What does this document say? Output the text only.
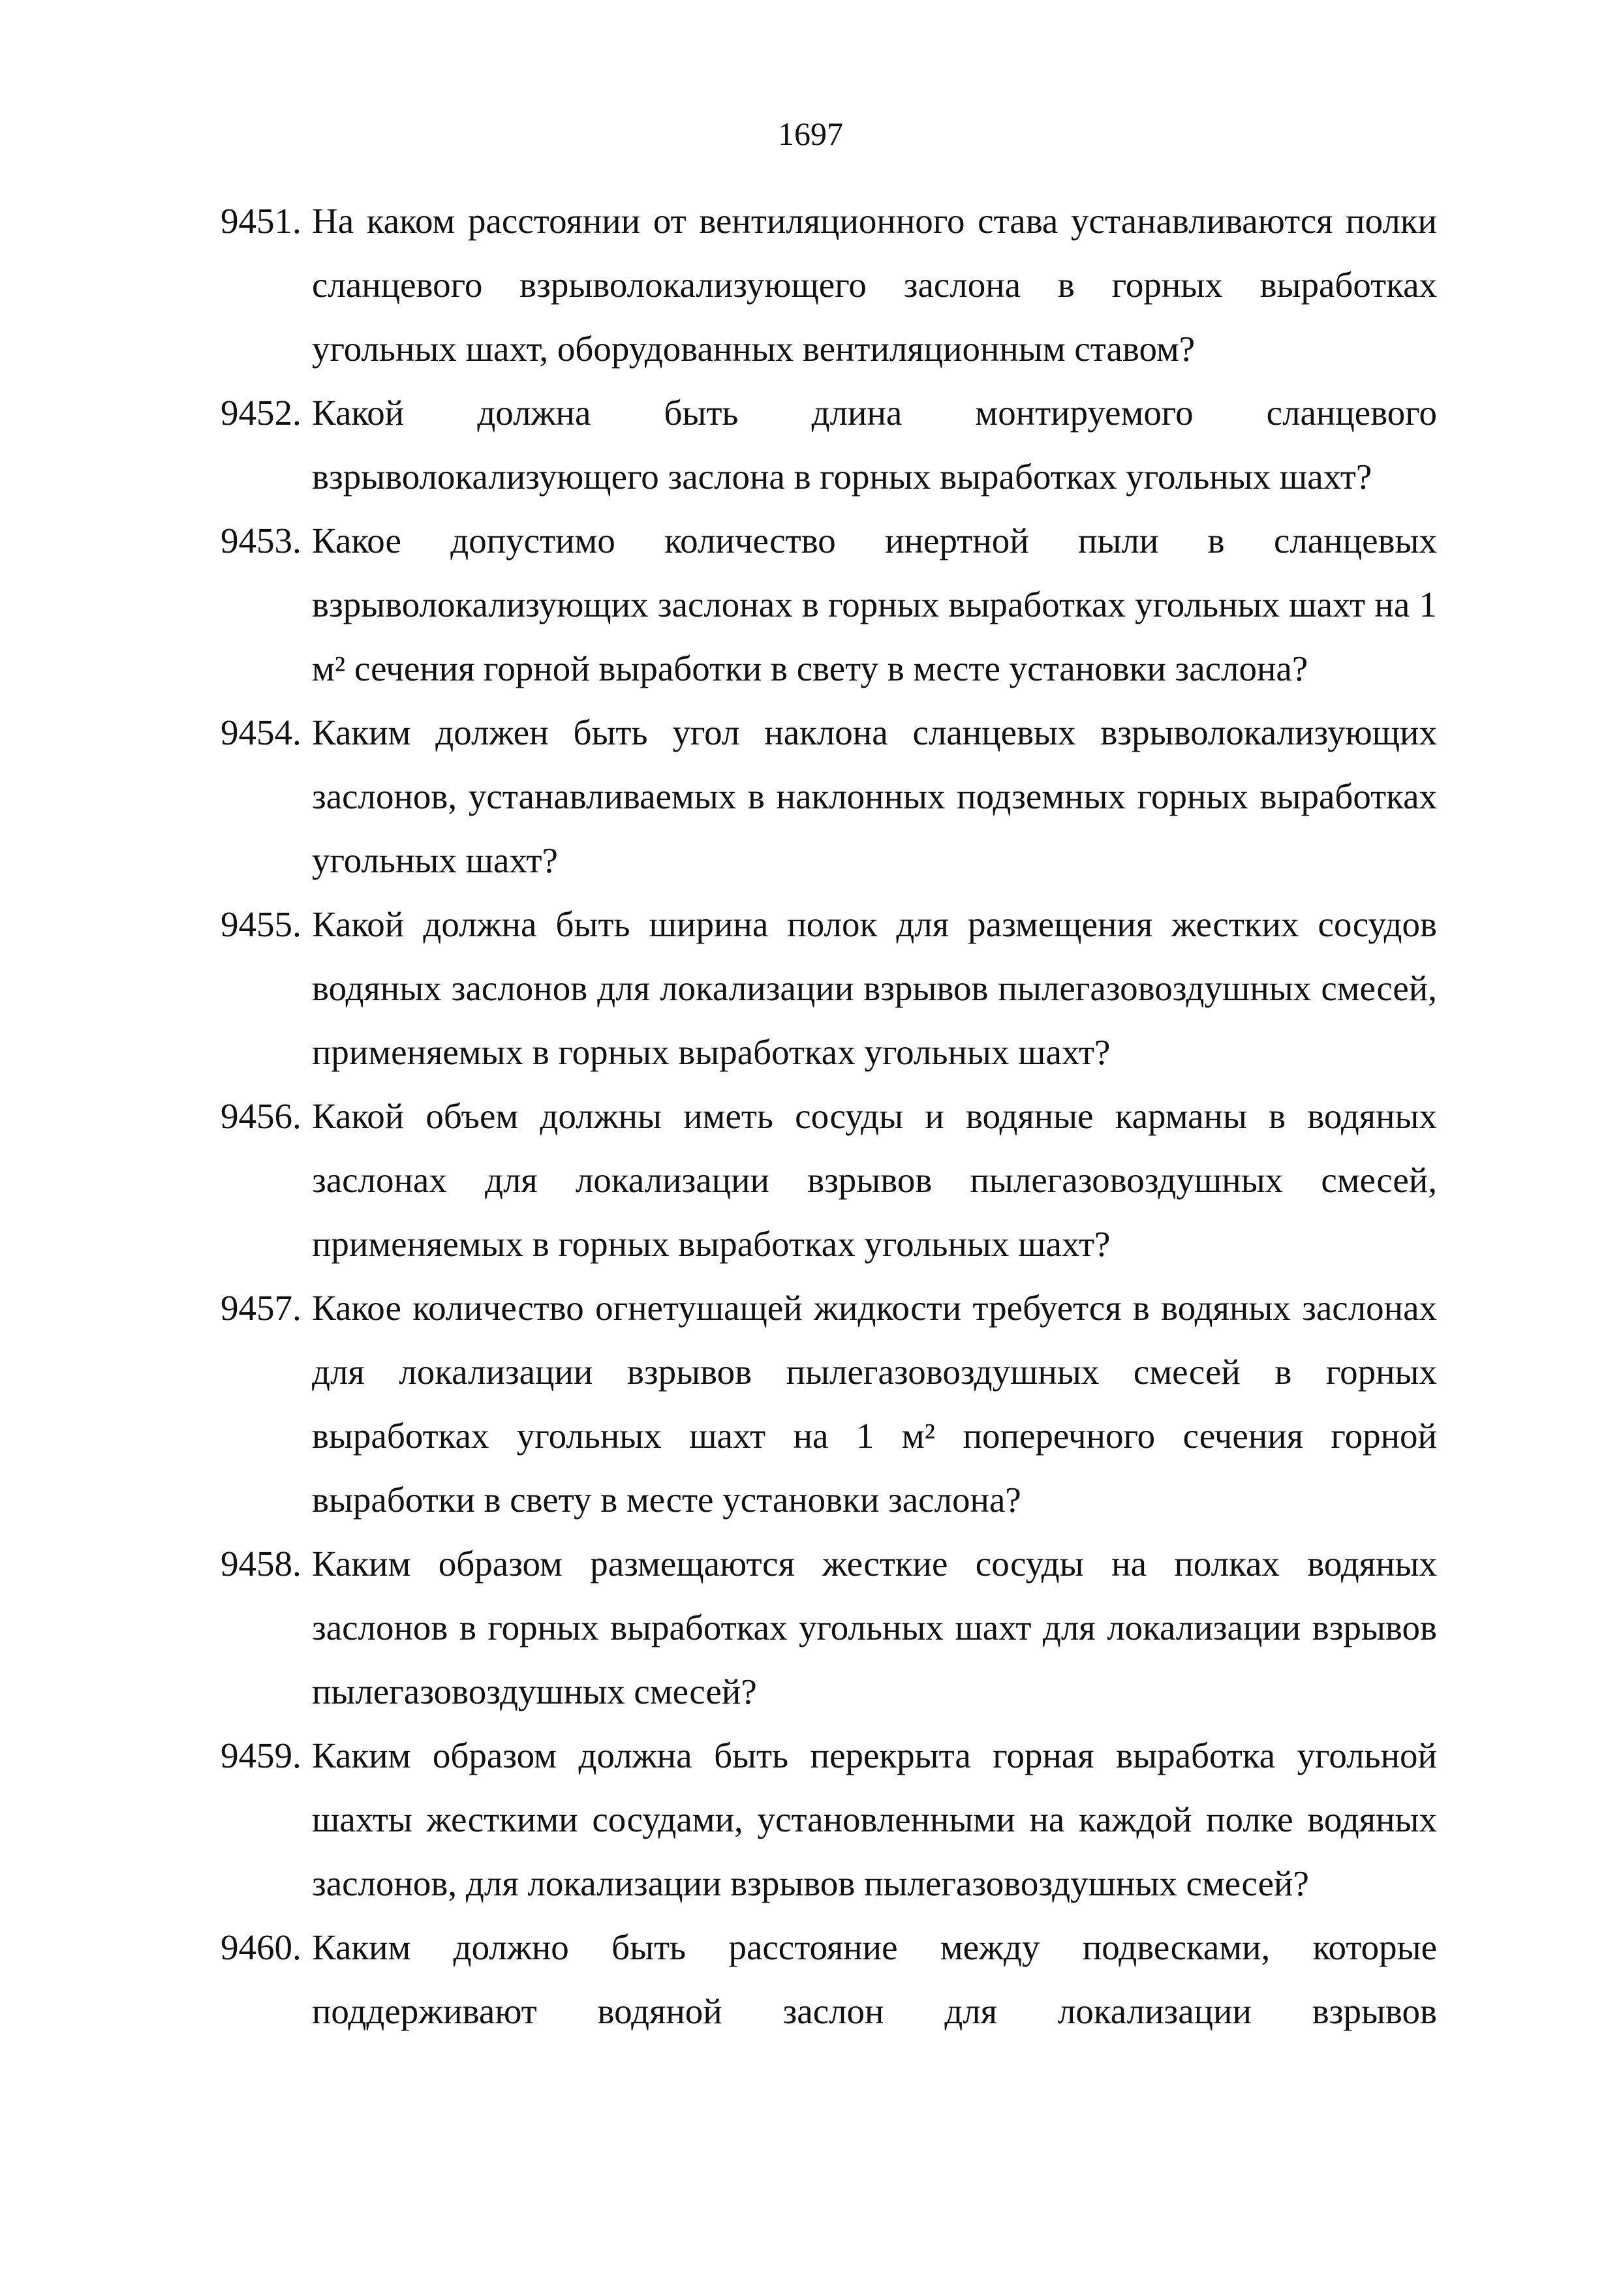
1697
9451. На каком расстоянии от вентиляционного става устанавливаются полки сланцевого взрыволокализующего заслона в горных выработках угольных шахт, оборудованных вентиляционным ставом?
9452. Какой должна быть длина монтируемого сланцевого взрыволокализующего заслона в горных выработках угольных шахт?
9453. Какое допустимо количество инертной пыли в сланцевых взрыволокализующих заслонах в горных выработках угольных шахт на 1 м² сечения горной выработки в свету в месте установки заслона?
9454. Каким должен быть угол наклона сланцевых взрыволокализующих заслонов, устанавливаемых в наклонных подземных горных выработках угольных шахт?
9455. Какой должна быть ширина полок для размещения жестких сосудов водяных заслонов для локализации взрывов пылегазовоздушных смесей, применяемых в горных выработках угольных шахт?
9456. Какой объем должны иметь сосуды и водяные карманы в водяных заслонах для локализации взрывов пылегазовоздушных смесей, применяемых в горных выработках угольных шахт?
9457. Какое количество огнетушащей жидкости требуется в водяных заслонах для локализации взрывов пылегазовоздушных смесей в горных выработках угольных шахт на 1 м² поперечного сечения горной выработки в свету в месте установки заслона?
9458. Каким образом размещаются жесткие сосуды на полках водяных заслонов в горных выработках угольных шахт для локализации взрывов пылегазовоздушных смесей?
9459. Каким образом должна быть перекрыта горная выработка угольной шахты жесткими сосудами, установленными на каждой полке водяных заслонов, для локализации взрывов пылегазовоздушных смесей?
9460. Каким должно быть расстояние между подвесками, которые поддерживают водяной заслон для локализации взрывов
